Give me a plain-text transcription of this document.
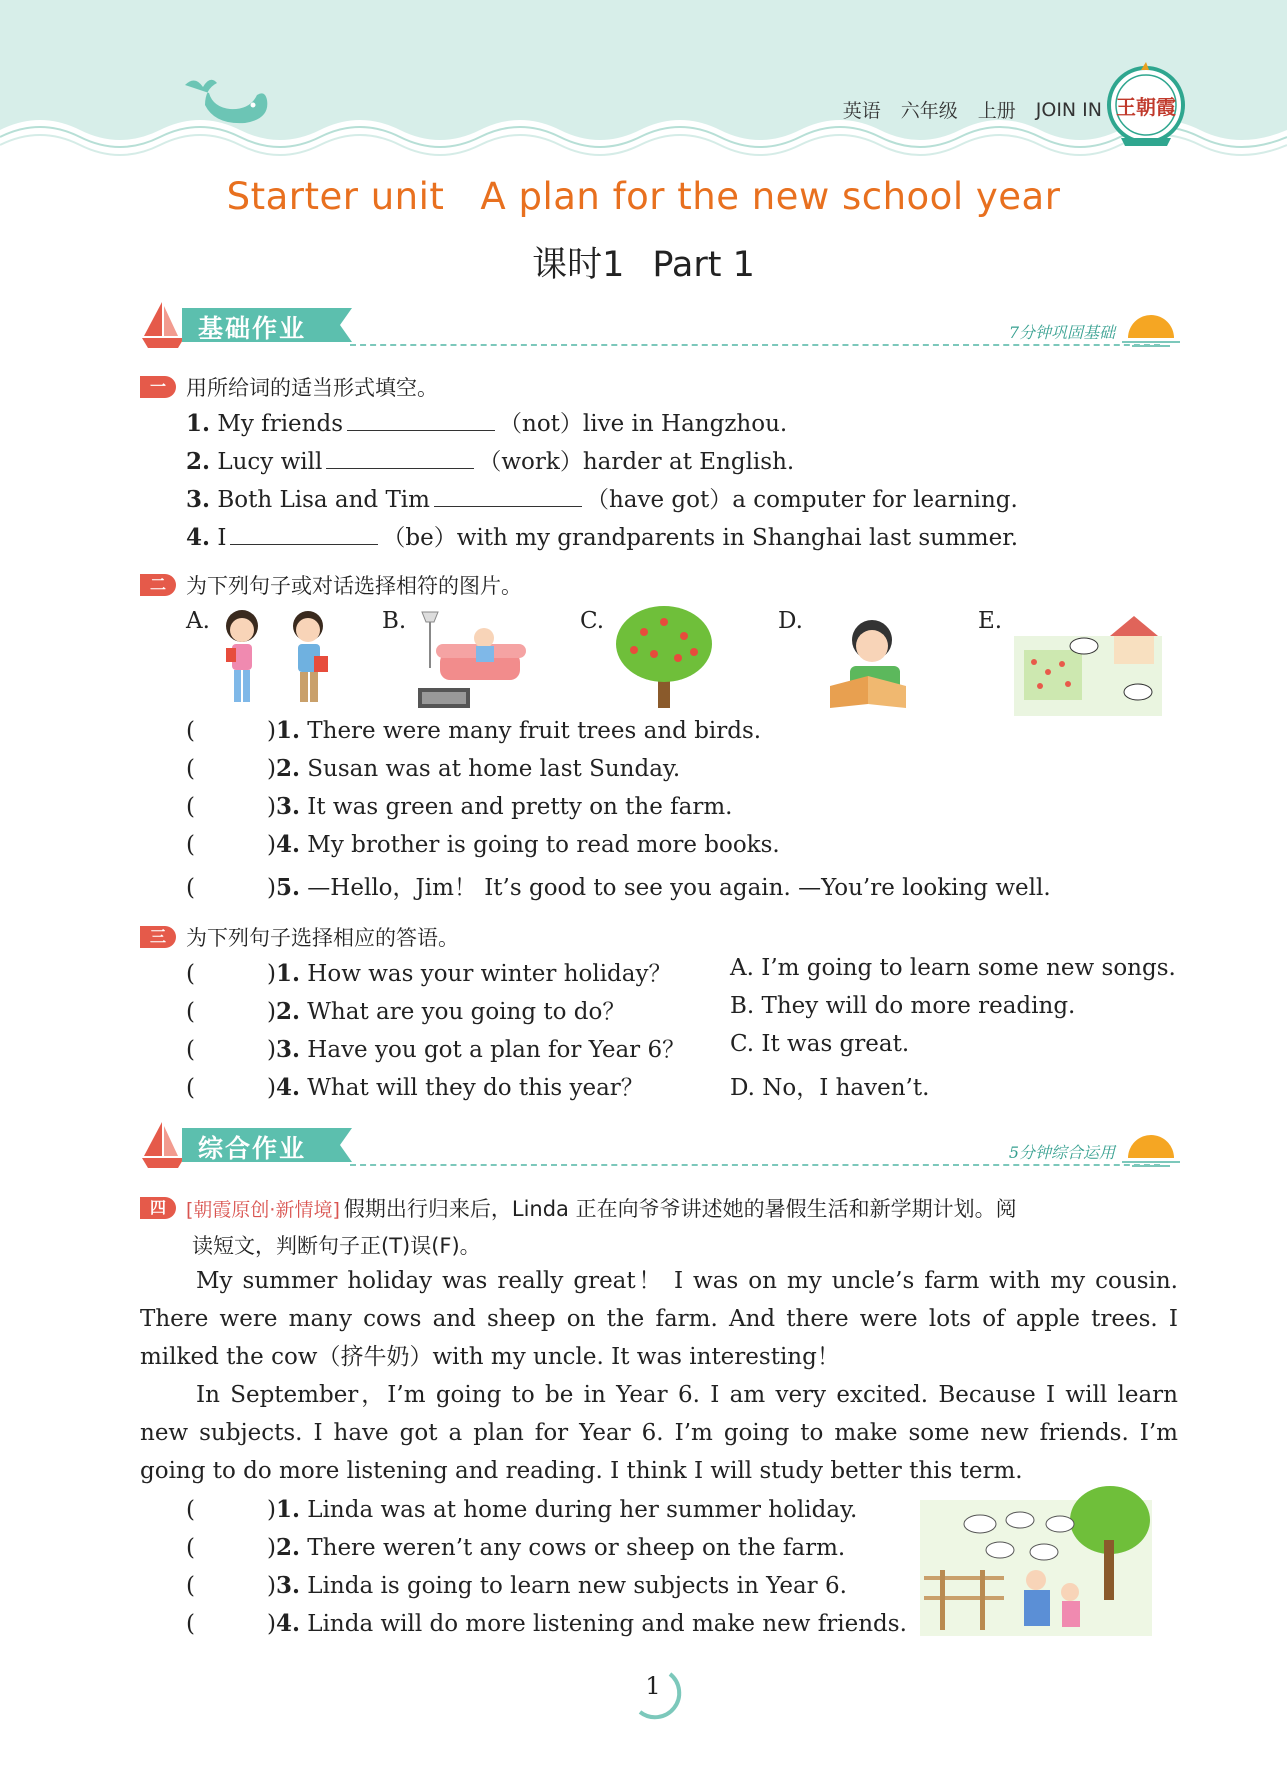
英语 六年级 上册 JOIN IN 王朝霞
Starter unit A plan for the new school year
课时1 Part 1
基础作业	7分钟巩固基础
一 用所给词的适当形式填空。
1. My friends	（not）live in Hangzhou.
2. Lucy will	（work）harder at English.
3. Both Lisa and Tim	（have got）a computer for learning.
4. I	（be）with my grandparents in Shanghai last summer.
二 为下列句子或对话选择相符的图片。
A.	B.	C.	D.	E.
(	)1. There were many fruit trees and birds.
(	)2. Susan was at home last Sunday.
(	)3. It was green and pretty on the farm.
(	)4. My brother is going to read more books.
(	)5. —Hello，Jim！ It’s good to see you again. —You’re looking well.
三 为下列句子选择相应的答语。
(	)1. How was your winter holiday？	A. I’m going to learn some new songs.
(	)2. What are you going to do？	B. They will do more reading.
(	)3. Have you got a plan for Year 6？ C. It was great.
(	)4. What will they do this year？	D. No，I haven’t.
综合作业	5分钟综合运用
四	[朝霞原创·新情境] 假期出行归来后，Linda 正在向爷爷讲述她的暑假生活和新学期计划。阅
读短文，判断句子正(T)误(F)。
My summer holiday was really great！ I was on my uncle’s farm with my cousin. There were many cows and sheep on the farm. And there were lots of apple trees. I milked the cow（挤牛奶）with my uncle. It was interesting！
In September，I’m going to be in Year 6. I am very excited. Because I will learn new subjects. I have got a plan for Year 6. I’m going to make some new friends. I’m going to do more listening and reading. I think I will study better this term.
(	)1. Linda was at home during her summer holiday.
(	)2. There weren’t any cows or sheep on the farm.
(	)3. Linda is going to learn new subjects in Year 6.
(	)4. Linda will do more listening and make new friends.
1
